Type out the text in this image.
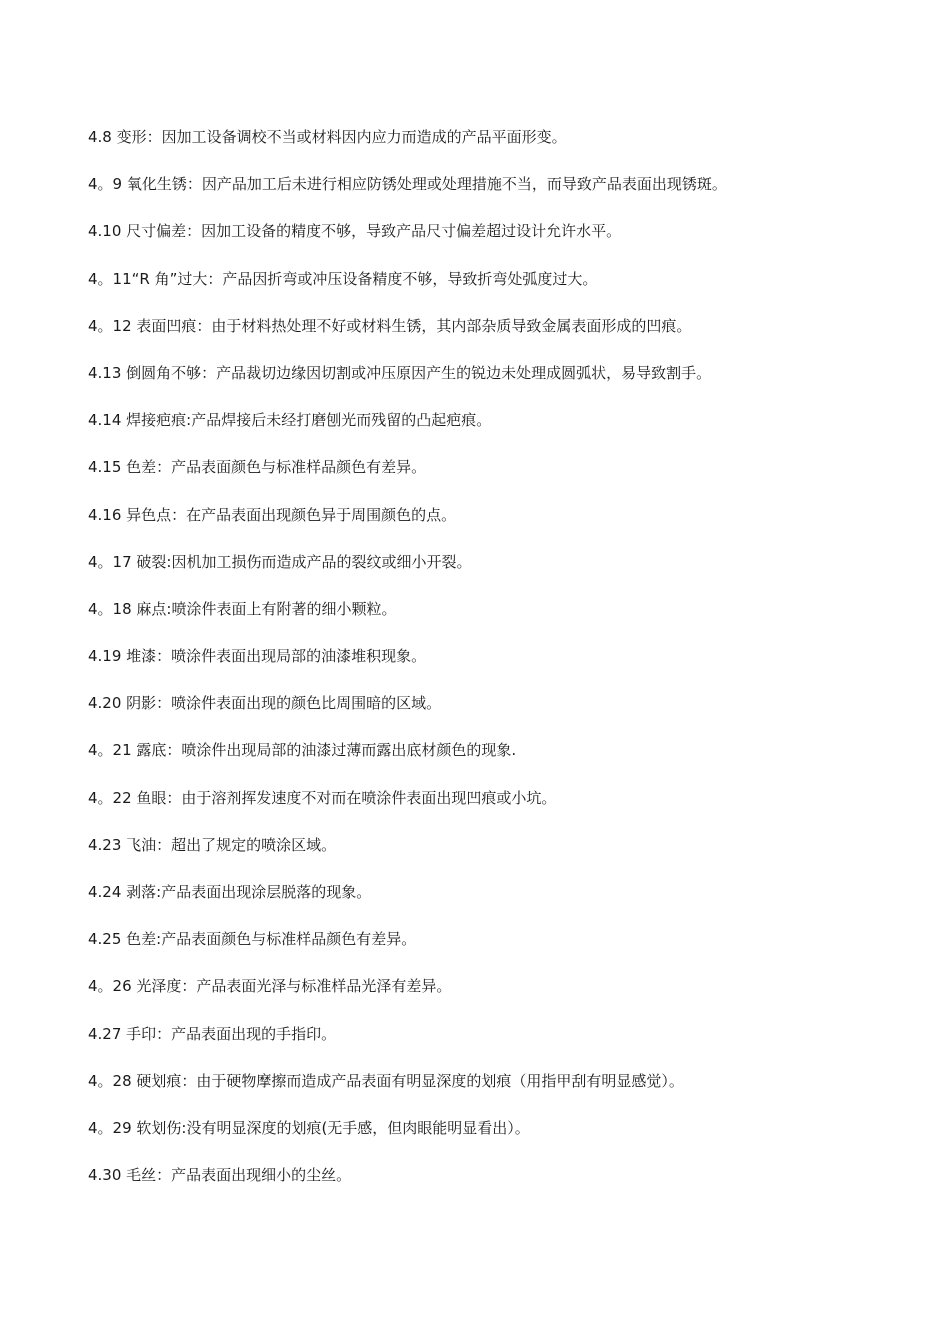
4.8 变形：因加工设备调校不当或材料因内应力而造成的产品平面形变。
4。9 氧化生锈：因产品加工后未进行相应防锈处理或处理措施不当，而导致产品表面出现锈斑。
4.10 尺寸偏差：因加工设备的精度不够，导致产品尺寸偏差超过设计允许水平。
4。11“R 角”过大：产品因折弯或冲压设备精度不够，导致折弯处弧度过大。
4。12 表面凹痕：由于材料热处理不好或材料生锈，其内部杂质导致金属表面形成的凹痕。
4.13 倒圆角不够：产品裁切边缘因切割或冲压原因产生的锐边未处理成圆弧状，易导致割手。
4.14 焊接疤痕:产品焊接后未经打磨刨光而残留的凸起疤痕。
4.15 色差：产品表面颜色与标准样品颜色有差异。
4.16 异色点：在产品表面出现颜色异于周围颜色的点。
4。17 破裂:因机加工损伤而造成产品的裂纹或细小开裂。
4。18 麻点:喷涂件表面上有附著的细小颗粒。
4.19 堆漆：喷涂件表面出现局部的油漆堆积现象。
4.20 阴影：喷涂件表面出现的颜色比周围暗的区域。
4。21 露底：喷涂件出现局部的油漆过薄而露出底材颜色的现象.
4。22 鱼眼：由于溶剂挥发速度不对而在喷涂件表面出现凹痕或小坑。
4.23 飞油：超出了规定的喷涂区域。
4.24 剥落:产品表面出现涂层脱落的现象。
4.25 色差:产品表面颜色与标准样品颜色有差异。
4。26 光泽度：产品表面光泽与标准样品光泽有差异。
4.27 手印：产品表面出现的手指印。
4。28 硬划痕：由于硬物摩擦而造成产品表面有明显深度的划痕（用指甲刮有明显感觉）。
4。29 软划伤:没有明显深度的划痕(无手感，但肉眼能明显看出）。
4.30 毛丝：产品表面出现细小的尘丝。
